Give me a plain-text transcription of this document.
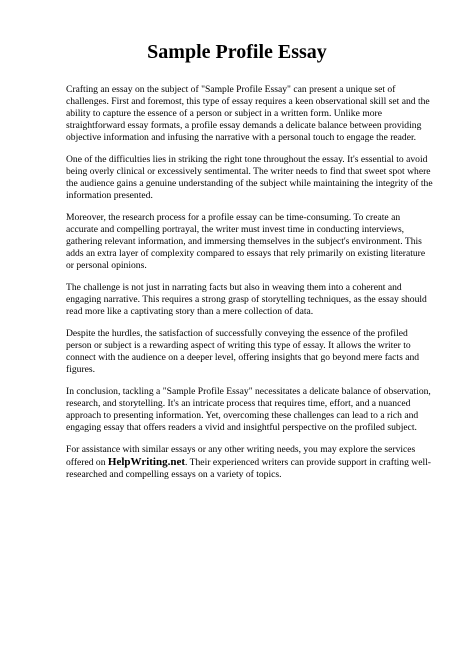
Sample Profile Essay

Crafting an essay on the subject of "Sample Profile Essay" can present a unique set of challenges. First and foremost, this type of essay requires a keen observational skill set and the ability to capture the essence of a person or subject in a written form. Unlike more straightforward essay formats, a profile essay demands a delicate balance between providing objective information and infusing the narrative with a personal touch to engage the reader.

One of the difficulties lies in striking the right tone throughout the essay. It's essential to avoid being overly clinical or excessively sentimental. The writer needs to find that sweet spot where the audience gains a genuine understanding of the subject while maintaining the integrity of the information presented.

Moreover, the research process for a profile essay can be time-consuming. To create an accurate and compelling portrayal, the writer must invest time in conducting interviews, gathering relevant information, and immersing themselves in the subject's environment. This adds an extra layer of complexity compared to essays that rely primarily on existing literature or personal opinions.

The challenge is not just in narrating facts but also in weaving them into a coherent and engaging narrative. This requires a strong grasp of storytelling techniques, as the essay should read more like a captivating story than a mere collection of data.

Despite the hurdles, the satisfaction of successfully conveying the essence of the profiled person or subject is a rewarding aspect of writing this type of essay. It allows the writer to connect with the audience on a deeper level, offering insights that go beyond mere facts and figures.

In conclusion, tackling a "Sample Profile Essay" necessitates a delicate balance of observation, research, and storytelling. It's an intricate process that requires time, effort, and a nuanced approach to presenting information. Yet, overcoming these challenges can lead to a rich and engaging essay that offers readers a vivid and insightful perspective on the profiled subject.

For assistance with similar essays or any other writing needs, you may explore the services offered on HelpWriting.net. Their experienced writers can provide support in crafting well-researched and compelling essays on a variety of topics.
